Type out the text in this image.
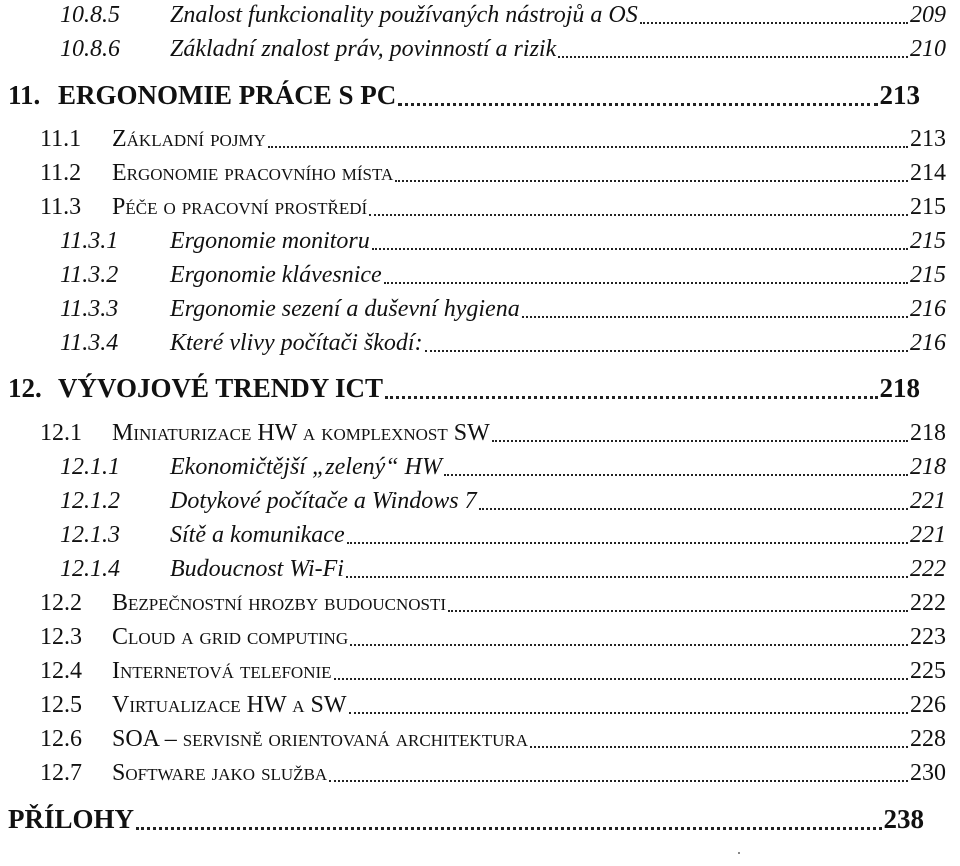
10.8.5	Znalost funkcionality používaných nástrojů a OS	209
10.8.6	Základní znalost práv, povinností a rizik	210
11. ERGONOMIE PRÁCE S PC	213
11.1	Základní pojmy	213
11.2	Ergonomie pracovního místa	214
11.3	Péče o pracovní prostředí	215
11.3.1	Ergonomie monitoru	215
11.3.2	Ergonomie klávesnice	215
11.3.3	Ergonomie sezení a duševní hygiena	216
11.3.4	Které vlivy počítači škodí:	216
12. VÝVOJOVÉ TRENDY ICT	218
12.1	Miniaturizace HW a komplexnost SW	218
12.1.1	Ekonomičtější „zelený“ HW	218
12.1.2	Dotykové počítače a Windows 7	221
12.1.3	Sítě a komunikace	221
12.1.4	Budoucnost Wi-Fi	222
12.2	Bezpečnostní hrozby budoucnosti	222
12.3	Cloud a grid computing	223
12.4	Internetová telefonie	225
12.5	Virtualizace HW a SW	226
12.6	SOA – servisně orientovaná architektura	228
12.7	Software jako služba	230
PŘÍLOHY	238
